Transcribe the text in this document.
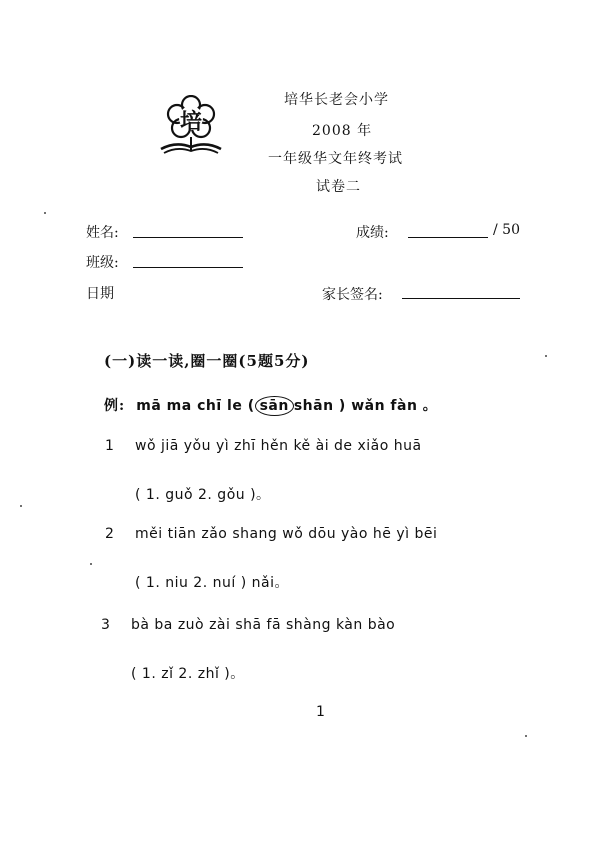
培
培华长老会小学
2008 年
一年级华文年终考试
试卷二
姓名:	成绩:	/ 50
班级:
日期	家长签名:
(一)读一读,圈一圈(5题5分)
例: mā ma chī le ( sān shān ) wǎn fàn 。
1 wǒ jiā yǒu yì zhī hěn kě ài de xiǎo huā
( 1. guǒ 2. gǒu )。
2 měi tiān zǎo shang wǒ dōu yào hē yì bēi
( 1. niu 2. nuí ) nǎi。
3 bà ba zuò zài shā fā shàng kàn bào
( 1. zǐ 2. zhǐ )。
1
